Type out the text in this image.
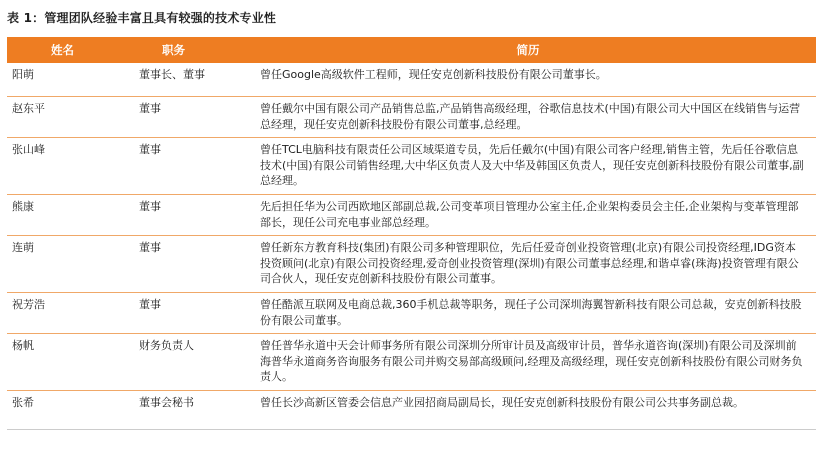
表 1：管理团队经验丰富且具有较强的技术专业性
姓名	职务	简历
阳萌	董事长、董事	曾任Google高级软件工程师，现任安克创新科技股份有限公司董事长。
赵东平	董事	曾任戴尔中国有限公司产品销售总监,产品销售高级经理，谷歌信息技术(中国)有限公司大中国区在线销售与运营总经理，现任安克创新科技股份有限公司董事,总经理。
张山峰	董事	曾任TCL电脑科技有限责任公司区域渠道专员，先后任戴尔(中国)有限公司客户经理,销售主管，先后任谷歌信息技术(中国)有限公司销售经理,大中华区负责人及大中华及韩国区负责人，现任安克创新科技股份有限公司董事,副总经理。
熊康	董事	先后担任华为公司西欧地区部副总裁,公司变革项目管理办公室主任,企业架构委员会主任,企业架构与变革管理部部长，现任公司充电事业部总经理。
连萌	董事	曾任新东方教育科技(集团)有限公司多种管理职位，先后任爱奇创业投资管理(北京)有限公司投资经理,IDG资本投资顾问(北京)有限公司投资经理,爱奇创业投资管理(深圳)有限公司董事总经理,和谐卓睿(珠海)投资管理有限公司合伙人，现任安克创新科技股份有限公司董事。
祝芳浩	董事	曾任酷派互联网及电商总裁,360手机总裁等职务，现任子公司深圳海翼智新科技有限公司总裁，安克创新科技股份有限公司董事。
杨帆	财务负责人	曾任普华永道中天会计师事务所有限公司深圳分所审计员及高级审计员，普华永道咨询(深圳)有限公司及深圳前海普华永道商务咨询服务有限公司并购交易部高级顾问,经理及高级经理，现任安克创新科技股份有限公司财务负责人。
张希	董事会秘书	曾任长沙高新区管委会信息产业园招商局副局长，现任安克创新科技股份有限公司公共事务副总裁。
